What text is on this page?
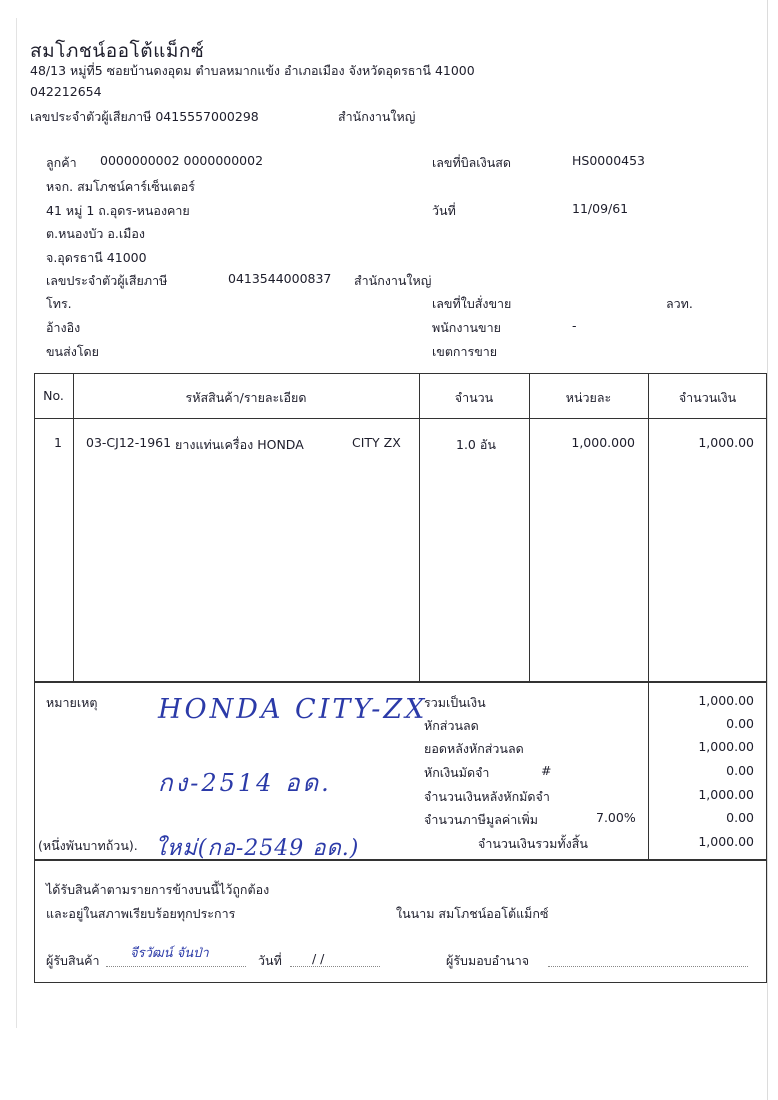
สมโภชน์ออโต้แม็กซ์
48/13 หมู่ที่5 ซอยบ้านดงอุดม ตำบลหมากแข้ง อำเภอเมือง จังหวัดอุดรธานี 41000
042212654
เลขประจำตัวผู้เสียภาษี 0415557000298	สำนักงานใหญ่
ลูกค้า 0000000002 0000000002
หจก. สมโภชน์คาร์เซ็นเตอร์
41 หมู่ 1 ถ.อุดร-หนองคาย
ต.หนองบัว อ.เมือง
จ.อุดรธานี 41000
เลขประจำตัวผู้เสียภาษี	0413544000837 สำนักงานใหญ่
โทร.
อ้างอิง
ขนส่งโดย
เลขที่บิลเงินสด	HS0000453
วันที่	11/09/61
เลขที่ใบสั่งขาย	ลวท.
พนักงานขาย	-
เขตการขาย
No.	รหัสสินค้า/รายละเอียด	จำนวน	หน่วยละ	จำนวนเงิน
1 03-CJ12-1961 ยางแท่นเครื่อง HONDA	CITY ZX	1.0 อัน	1,000.000	1,000.00
หมายเหตุ HONDA CITY-ZX
กง-2514 อด.
(หนึ่งพันบาทถ้วน). ใหม่(กอ-2549 อด.)
รวมเป็นเงิน	1,000.00
หักส่วนลด	0.00
ยอดหลังหักส่วนลด	1,000.00
หักเงินมัดจำ	#	0.00
จำนวนเงินหลังหักมัดจำ	1,000.00
จำนวนภาษีมูลค่าเพิ่ม	7.00%	0.00
จำนวนเงินรวมทั้งสิ้น	1,000.00
ได้รับสินค้าตามรายการข้างบนนี้ไว้ถูกต้อง
และอยู่ในสภาพเรียบร้อยทุกประการ	ในนาม สมโภชน์ออโต้แม็กซ์
ผู้รับสินค้า จีรวัฒน์ จันป่า	วันที่ / /	ผู้รับมอบอำนาจ
